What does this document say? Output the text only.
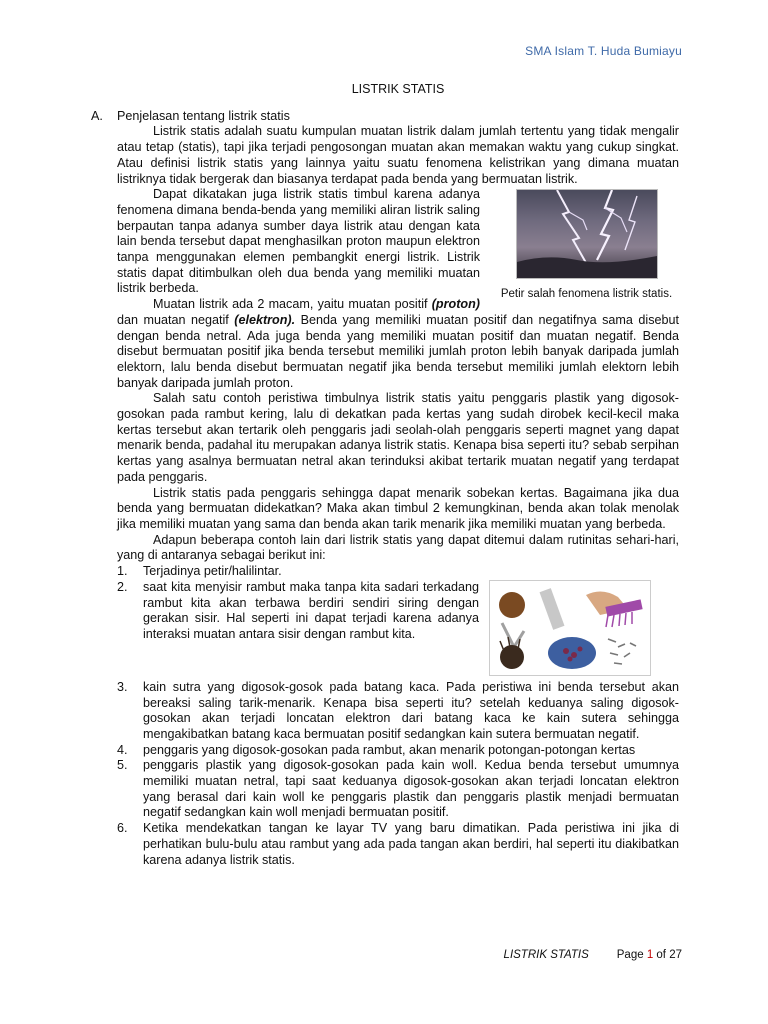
SMA Islam T. Huda Bumiayu
LISTRIK STATIS
A. Penjelasan tentang listrik statis

Listrik statis adalah suatu kumpulan muatan listrik dalam jumlah tertentu yang tidak mengalir atau tetap (statis), tapi jika terjadi pengosongan muatan akan memakan waktu yang cukup singkat. Atau definisi listrik statis yang lainnya yaitu suatu fenomena kelistrikan yang dimana muatan listriknya tidak bergerak dan biasanya terdapat pada benda yang bermuatan listrik.

Petir salah fenomena listrik statis.

Dapat dikatakan juga listrik statis timbul karena adanya fenomena dimana benda-benda yang memiliki aliran listrik saling berpautan tanpa adanya sumber daya listrik atau dengan kata lain benda tersebut dapat menghasilkan proton maupun elektron tanpa menggunakan elemen pembangkit energi listrik. Listrik statis dapat ditimbulkan oleh dua benda yang memiliki muatan listrik berbeda.

Muatan listrik ada 2 macam, yaitu muatan positif (proton) dan muatan negatif (elektron). Benda yang memiliki muatan positif dan negatifnya sama disebut dengan benda netral. Ada juga benda yang memiliki muatan positif dan muatan negatif. Benda disebut bermuatan positif jika benda tersebut memiliki jumlah proton lebih banyak daripada jumlah elektorn, lalu benda disebut bermuatan negatif jika benda tersebut memiliki jumlah elektorn lebih banyak daripada jumlah proton.

Salah satu contoh peristiwa timbulnya listrik statis yaitu penggaris plastik yang digosok-gosokan pada rambut kering, lalu di dekatkan pada kertas yang sudah dirobek kecil-kecil maka kertas tersebut akan tertarik oleh penggaris jadi seolah-olah penggaris seperti magnet yang dapat menarik benda, padahal itu merupakan adanya listrik statis. Kenapa bisa seperti itu? sebab serpihan kertas yang asalnya bermuatan netral akan terinduksi akibat tertarik muatan negatif yang terdapat pada penggaris.

Listrik statis pada penggaris sehingga dapat menarik sobekan kertas. Bagaimana jika dua benda yang bermuatan didekatkan? Maka akan timbul 2 kemungkinan, benda akan tolak menolak jika memiliki muatan yang sama dan benda akan tarik menarik jika memiliki muatan yang berbeda.

Adapun beberapa contoh lain dari listrik statis yang dapat ditemui dalam rutinitas sehari-hari, yang di antaranya sebagai berikut ini:

1. Terjadinya petir/halilintar.
2. saat kita menyisir rambut maka tanpa kita sadari terkadang rambut kita akan terbawa berdiri sendiri siring dengan gerakan sisir. Hal seperti ini dapat terjadi karena adanya interaksi muatan antara sisir dengan rambut kita.
3. kain sutra yang digosok-gosok pada batang kaca. Pada peristiwa ini benda tersebut akan bereaksi saling tarik-menarik. Kenapa bisa seperti itu? setelah keduanya saling digosok-gosokan akan terjadi loncatan elektron dari batang kaca ke kain sutera sehingga mengakibatkan batang kaca bermuatan positif sedangkan kain sutera bermuatan negatif.
4. penggaris yang digosok-gosokan pada rambut, akan menarik potongan-potongan kertas
5. penggaris plastik yang digosok-gosokan pada kain woll. Kedua benda tersebut umumnya memiliki muatan netral, tapi saat keduanya digosok-gosokan akan terjadi loncatan elektron yang berasal dari kain woll ke penggaris plastik dan penggaris plastik menjadi bermuatan negatif sedangkan kain woll menjadi bermuatan positif.
6. Ketika mendekatkan tangan ke layar TV yang baru dimatikan. Pada peristiwa ini jika di perhatikan bulu-bulu atau rambut yang ada pada tangan akan berdiri, hal seperti itu diakibatkan karena adanya listrik statis.
LISTRIK STATIS Page 1 of 27
